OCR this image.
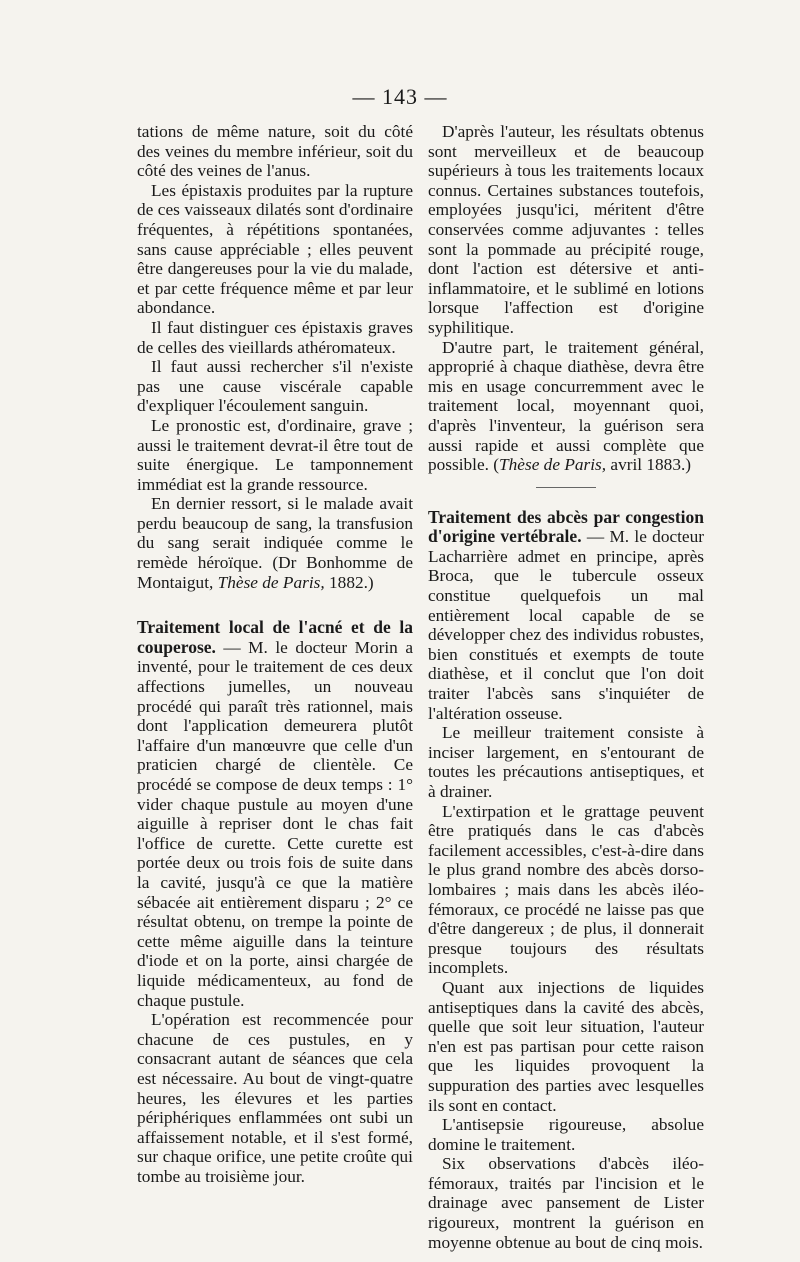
— 143 —

tations de même nature, soit du côté des veines du membre inférieur, soit du côté des veines de l'anus.

Les épistaxis produites par la rupture de ces vaisseaux dilatés sont d'ordinaire fréquentes, à répétitions spontanées, sans cause appréciable ; elles peuvent être dangereuses pour la vie du malade, et par cette fréquence même et par leur abondance.

Il faut distinguer ces épistaxis graves de celles des vieillards athéromateux.

Il faut aussi rechercher s'il n'existe pas une cause viscérale capable d'expliquer l'écoulement sanguin.

Le pronostic est, d'ordinaire, grave ; aussi le traitement devrat-il être tout de suite énergique. Le tamponnement immédiat est la grande ressource.

En dernier ressort, si le malade avait perdu beaucoup de sang, la transfusion du sang serait indiquée comme le remède héroïque. (Dr Bonhomme de Montaigut, Thèse de Paris, 1882.)

Traitement local de l'acné et de la couperose. — M. le docteur Morin a inventé, pour le traitement de ces deux affections jumelles, un nouveau procédé qui paraît très rationnel, mais dont l'application demeurera plutôt l'affaire d'un manœuvre que celle d'un praticien chargé de clientèle. Ce procédé se compose de deux temps : 1° vider chaque pustule au moyen d'une aiguille à repriser dont le chas fait l'office de curette. Cette curette est portée deux ou trois fois de suite dans la cavité, jusqu'à ce que la matière sébacée ait entièrement disparu ; 2° ce résultat obtenu, on trempe la pointe de cette même aiguille dans la teinture d'iode et on la porte, ainsi chargée de liquide médicamenteux, au fond de chaque pustule.

L'opération est recommencée pour chacune de ces pustules, en y consacrant autant de séances que cela est nécessaire. Au bout de vingt-quatre heures, les élevures et les parties périphériques enflammées ont subi un affaissement notable, et il s'est formé, sur chaque orifice, une petite croûte qui tombe au troisième jour.

D'après l'auteur, les résultats obtenus sont merveilleux et de beaucoup supérieurs à tous les traitements locaux connus. Certaines substances toutefois, employées jusqu'ici, méritent d'être conservées comme adjuvantes : telles sont la pommade au précipité rouge, dont l'action est détersive et anti-inflammatoire, et le sublimé en lotions lorsque l'affection est d'origine syphilitique.

D'autre part, le traitement général, approprié à chaque diathèse, devra être mis en usage concurremment avec le traitement local, moyennant quoi, d'après l'inventeur, la guérison sera aussi rapide et aussi complète que possible. (Thèse de Paris, avril 1883.)

Traitement des abcès par congestion d'origine vertébrale. — M. le docteur Lacharrière admet en principe, après Broca, que le tubercule osseux constitue quelquefois un mal entièrement local capable de se développer chez des individus robustes, bien constitués et exempts de toute diathèse, et il conclut que l'on doit traiter l'abcès sans s'inquiéter de l'altération osseuse.

Le meilleur traitement consiste à inciser largement, en s'entourant de toutes les précautions antiseptiques, et à drainer.

L'extirpation et le grattage peuvent être pratiqués dans le cas d'abcès facilement accessibles, c'est-à-dire dans le plus grand nombre des abcès dorso-lombaires ; mais dans les abcès iléo-fémoraux, ce procédé ne laisse pas que d'être dangereux ; de plus, il donnerait presque toujours des résultats incomplets.

Quant aux injections de liquides antiseptiques dans la cavité des abcès, quelle que soit leur situation, l'auteur n'en est pas partisan pour cette raison que les liquides provoquent la suppuration des parties avec lesquelles ils sont en contact.

L'antisepsie rigoureuse, absolue domine le traitement.

Six observations d'abcès iléo-fémoraux, traités par l'incision et le drainage avec pansement de Lister rigoureux, montrent la guérison en moyenne obtenue au bout de cinq mois.
